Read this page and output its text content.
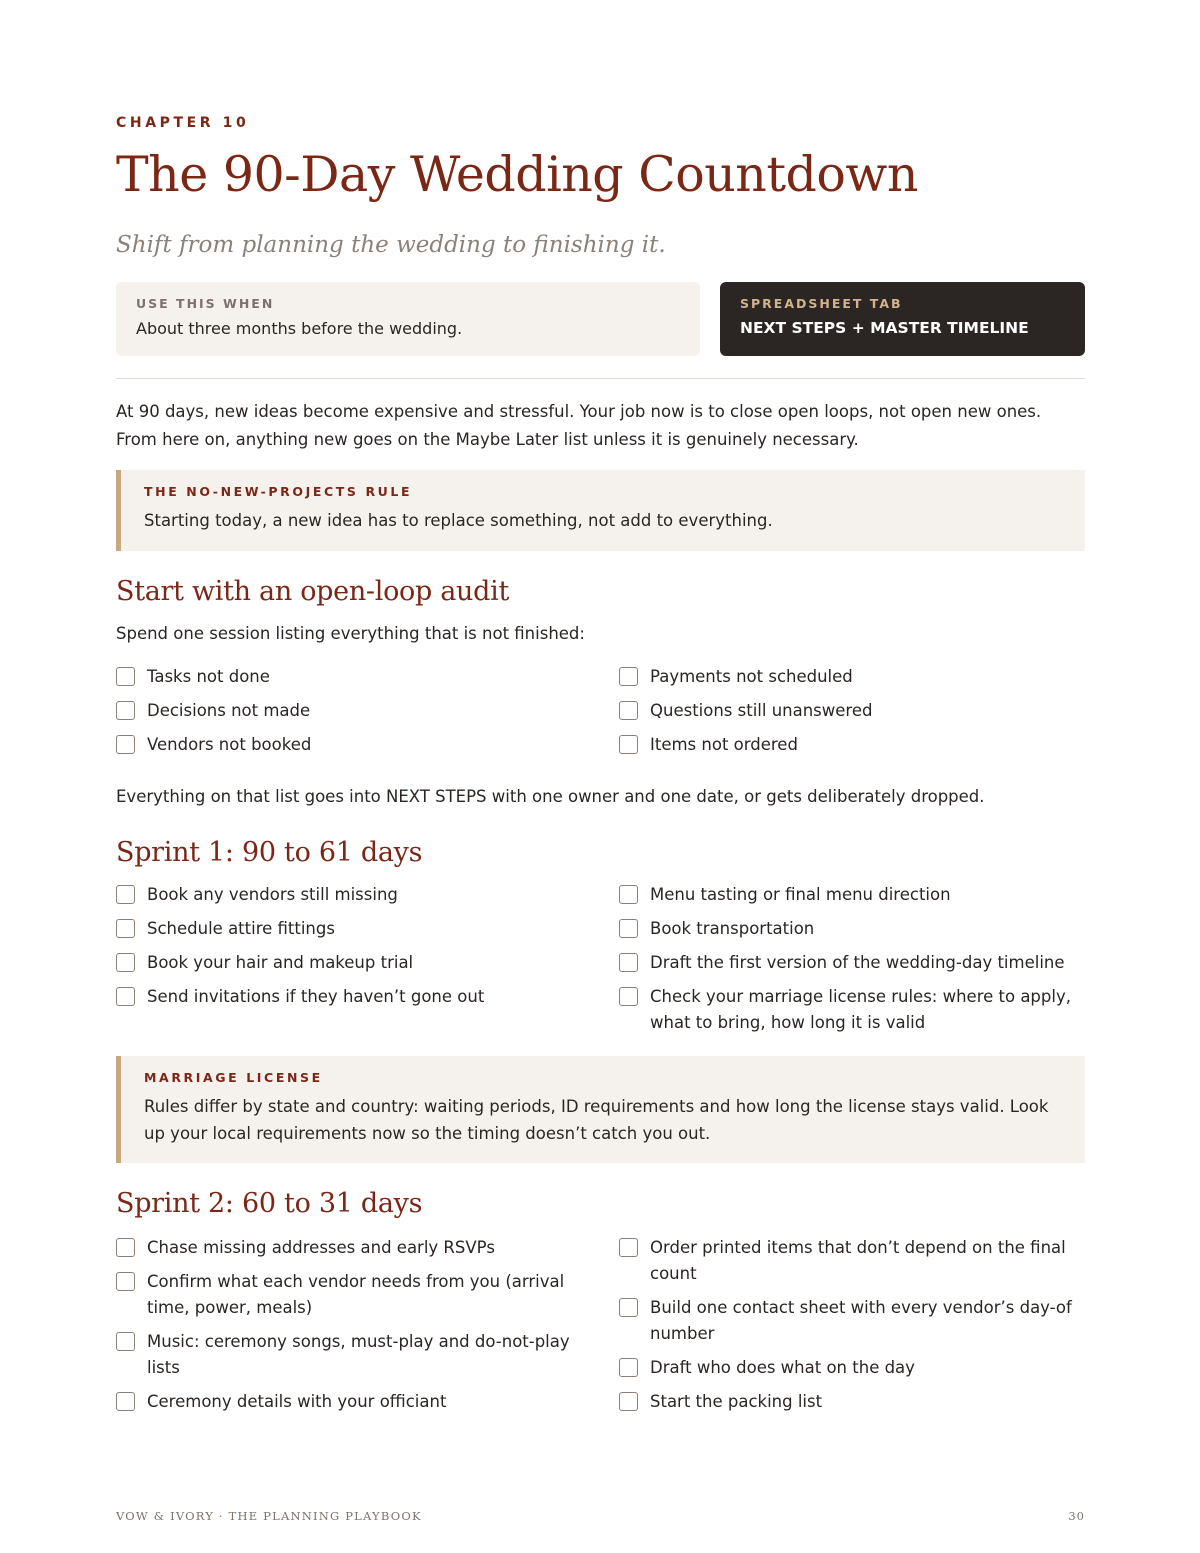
CHAPTER 10
The 90-Day Wedding Countdown
Shift from planning the wedding to finishing it.
USE THIS WHEN
About three months before the wedding.
SPREADSHEET TAB
NEXT STEPS + MASTER TIMELINE
At 90 days, new ideas become expensive and stressful. Your job now is to close open loops, not open new ones.
From here on, anything new goes on the Maybe Later list unless it is genuinely necessary.
THE NO-NEW-PROJECTS RULE
Starting today, a new idea has to replace something, not add to everything.
Start with an open-loop audit
Spend one session listing everything that is not finished:
Tasks not done
Decisions not made
Vendors not booked
Payments not scheduled
Questions still unanswered
Items not ordered
Everything on that list goes into NEXT STEPS with one owner and one date, or gets deliberately dropped.
Sprint 1: 90 to 61 days
Book any vendors still missing
Schedule attire fittings
Book your hair and makeup trial
Send invitations if they haven’t gone out
Menu tasting or final menu direction
Book transportation
Draft the first version of the wedding-day timeline
Check your marriage license rules: where to apply, what to bring, how long it is valid
MARRIAGE LICENSE
Rules differ by state and country: waiting periods, ID requirements and how long the license stays valid. Look up your local requirements now so the timing doesn’t catch you out.
Sprint 2: 60 to 31 days
Chase missing addresses and early RSVPs
Confirm what each vendor needs from you (arrival time, power, meals)
Music: ceremony songs, must-play and do-not-play lists
Ceremony details with your officiant
Order printed items that don’t depend on the final count
Build one contact sheet with every vendor’s day-of number
Draft who does what on the day
Start the packing list
VOW & IVORY · THE PLANNING PLAYBOOK	30
